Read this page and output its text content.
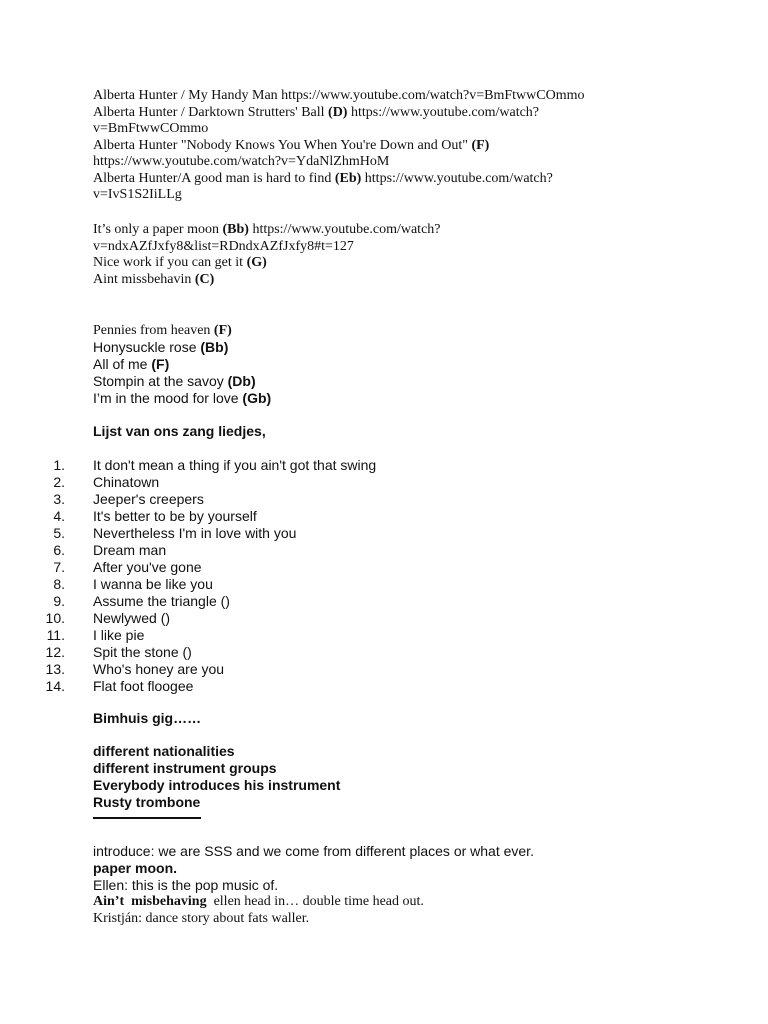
Alberta Hunter / My Handy Man https://www.youtube.com/watch?v=BmFtwwCOmmo
Alberta Hunter / Darktown Strutters' Ball (D) https://www.youtube.com/watch?
v=BmFtwwCOmmo
Alberta Hunter "Nobody Knows You When You're Down and Out" (F)
https://www.youtube.com/watch?v=YdaNlZhmHoM
Alberta Hunter/A good man is hard to find (Eb) https://www.youtube.com/watch?
v=IvS1S2IiLLg
It’s only a paper moon (Bb) https://www.youtube.com/watch?
v=ndxAZfJxfy8&list=RDndxAZfJxfy8#t=127
Nice work if you can get it (G)
Aint missbehavin (C)
Pennies from heaven (F)
Honysuckle rose (Bb)
All of me (F)
Stompin at the savoy (Db)
I’m in the mood for love (Gb)
Lijst van ons zang liedjes,
1. It don't mean a thing if you ain't got that swing
2. Chinatown
3. Jeeper's creepers
4. It's better to be by yourself
5. Nevertheless I'm in love with you
6. Dream man
7. After you've gone
8. I wanna be like you
9. Assume the triangle ()
10. Newlywed ()
11. I like pie
12. Spit the stone ()
13. Who's honey are you
14. Flat foot floogee
Bimhuis gig……
different nationalities
different instrument groups
Everybody introduces his instrument
Rusty trombone
introduce: we are SSS and we come from different places or what ever.
paper moon.
Ellen: this is the pop music of.
Ain’t  misbehaving  ellen head in… double time head out.
Kristján: dance story about fats waller.
